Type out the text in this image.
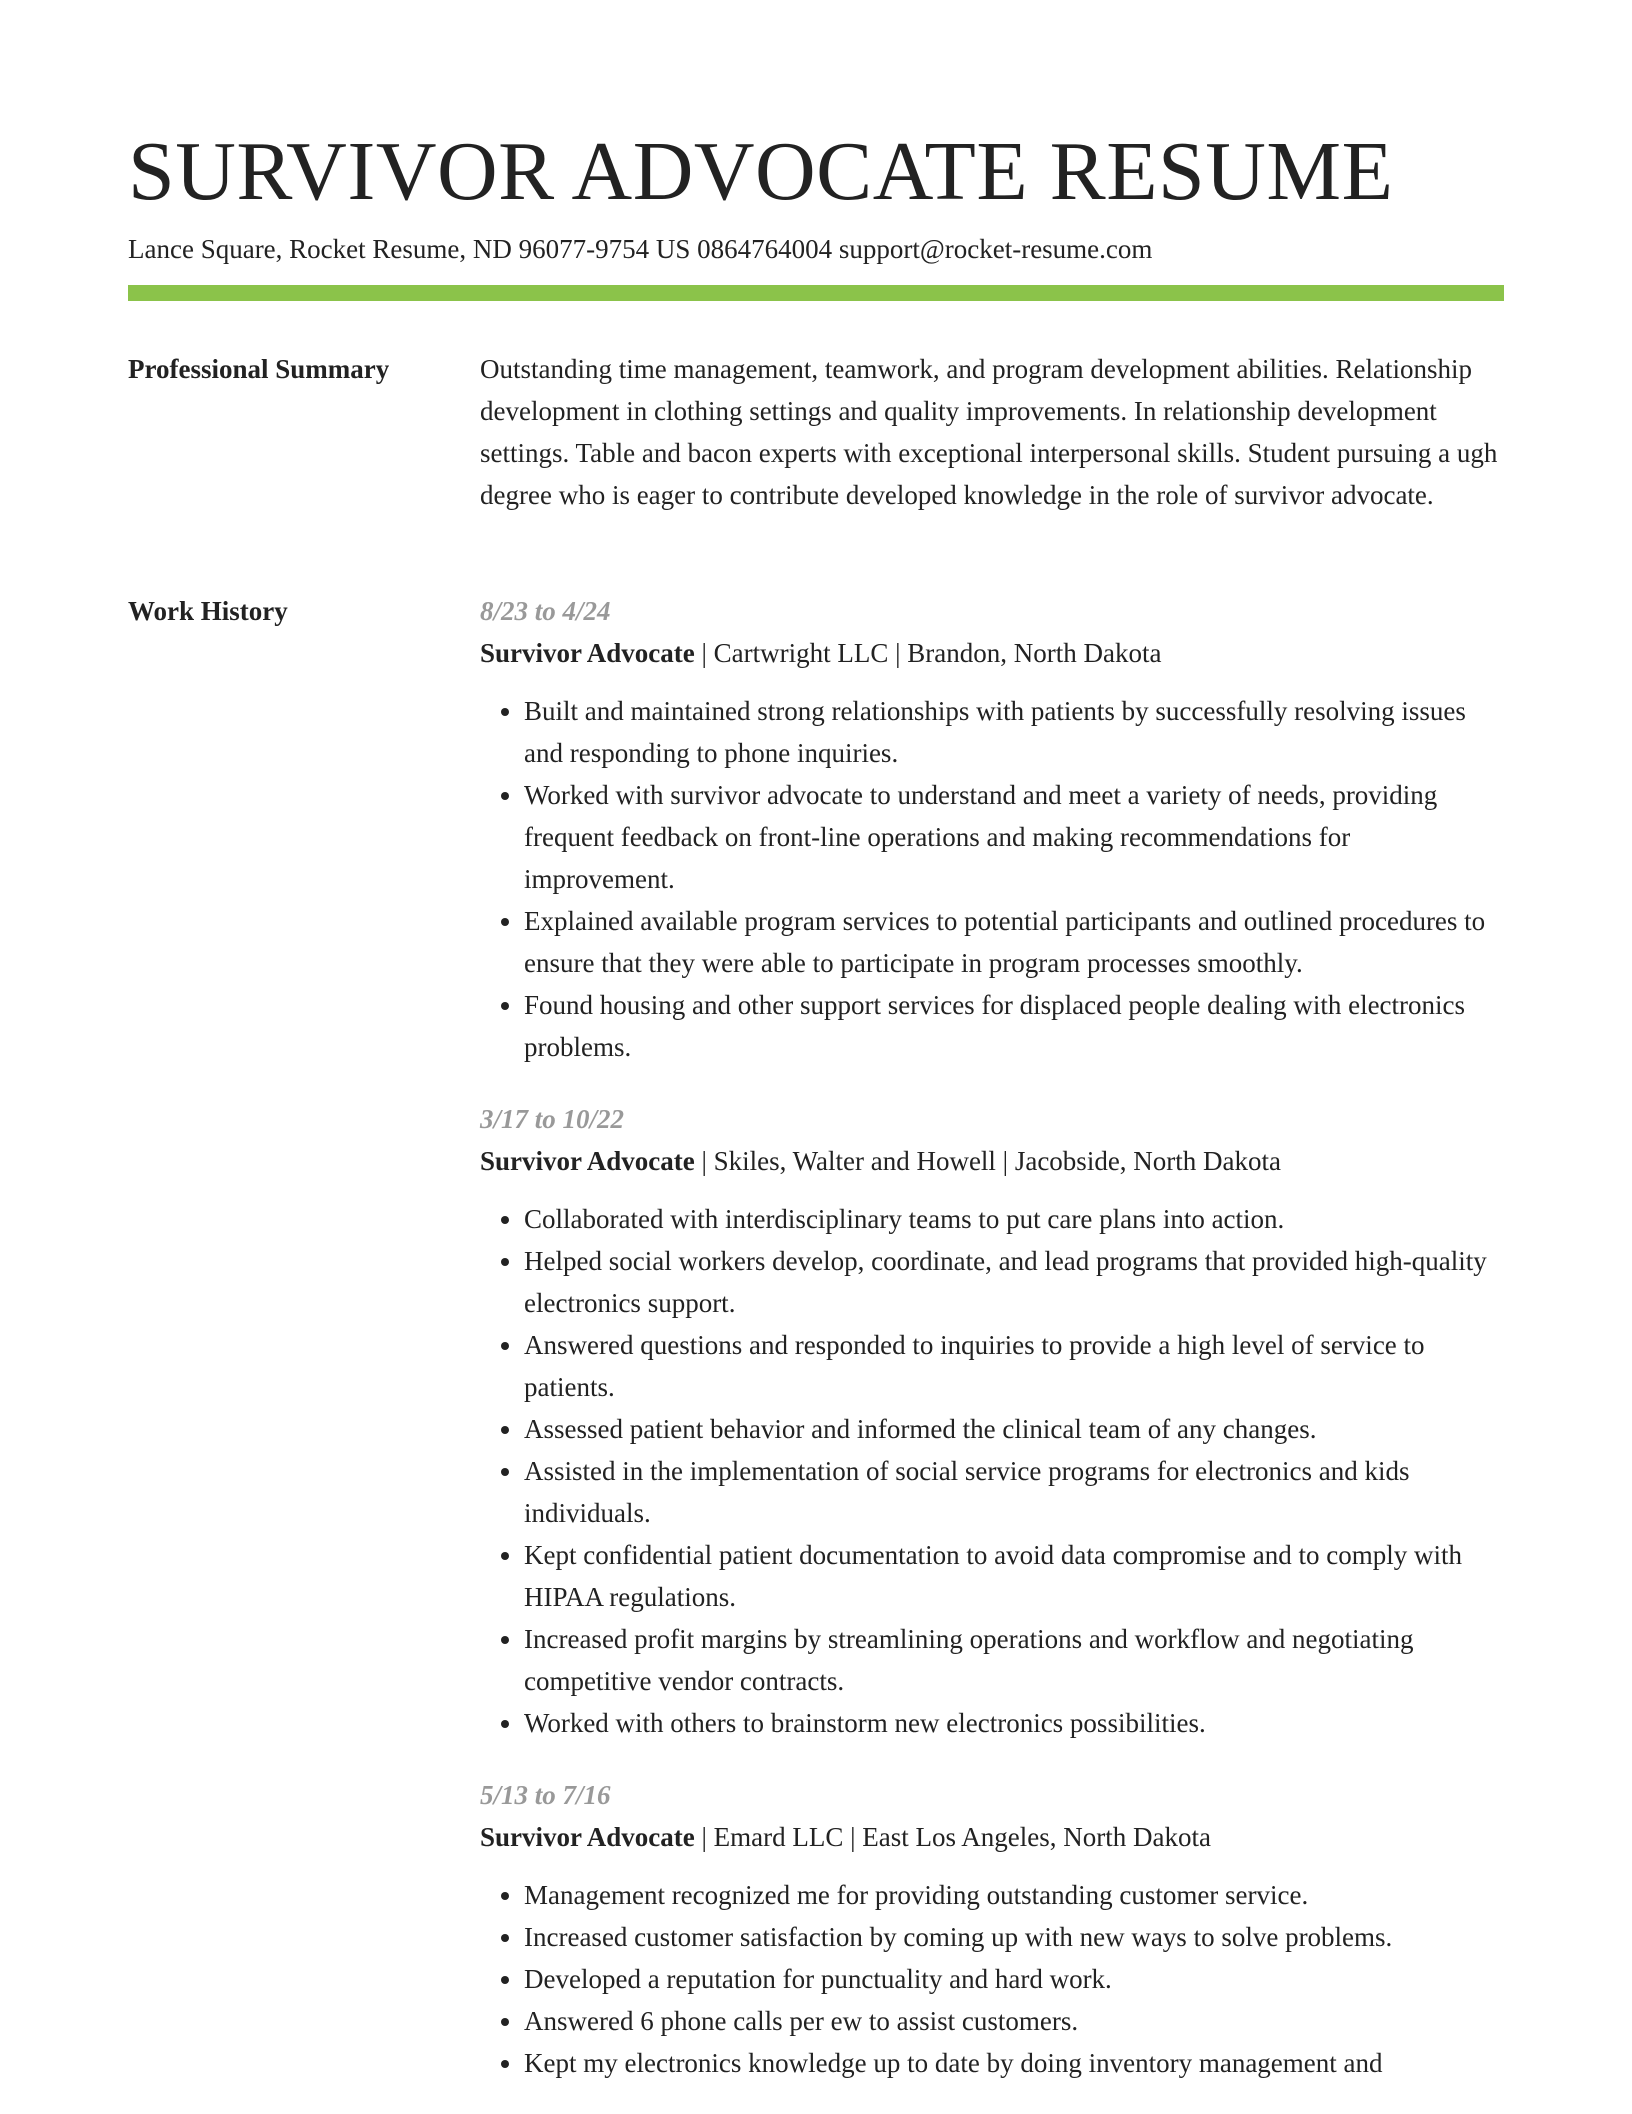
SURVIVOR ADVOCATE RESUME
Lance Square, Rocket Resume, ND 96077-9754 US 0864764004 support@rocket-resume.com
Professional Summary	Outstanding time management, teamwork, and program development abilities. Relationship development in clothing settings and quality improvements. In relationship development settings. Table and bacon experts with exceptional interpersonal skills. Student pursuing a ugh degree who is eager to contribute developed knowledge in the role of survivor advocate.

Work History	8/23 to 4/24
Survivor Advocate | Cartwright LLC | Brandon, North Dakota
• Built and maintained strong relationships with patients by successfully resolving issues and responding to phone inquiries.
• Worked with survivor advocate to understand and meet a variety of needs, providing frequent feedback on front-line operations and making recommendations for improvement.
• Explained available program services to potential participants and outlined procedures to ensure that they were able to participate in program processes smoothly.
• Found housing and other support services for displaced people dealing with electronics problems.
3/17 to 10/22
Survivor Advocate | Skiles, Walter and Howell | Jacobside, North Dakota
• Collaborated with interdisciplinary teams to put care plans into action.
• Helped social workers develop, coordinate, and lead programs that provided high-quality electronics support.
• Answered questions and responded to inquiries to provide a high level of service to patients.
• Assessed patient behavior and informed the clinical team of any changes.
• Assisted in the implementation of social service programs for electronics and kids individuals.
• Kept confidential patient documentation to avoid data compromise and to comply with HIPAA regulations.
• Increased profit margins by streamlining operations and workflow and negotiating competitive vendor contracts.
• Worked with others to brainstorm new electronics possibilities.
5/13 to 7/16
Survivor Advocate | Emard LLC | East Los Angeles, North Dakota
• Management recognized me for providing outstanding customer service.
• Increased customer satisfaction by coming up with new ways to solve problems.
• Developed a reputation for punctuality and hard work.
• Answered 6 phone calls per ew to assist customers.
• Kept my electronics knowledge up to date by doing inventory management and
